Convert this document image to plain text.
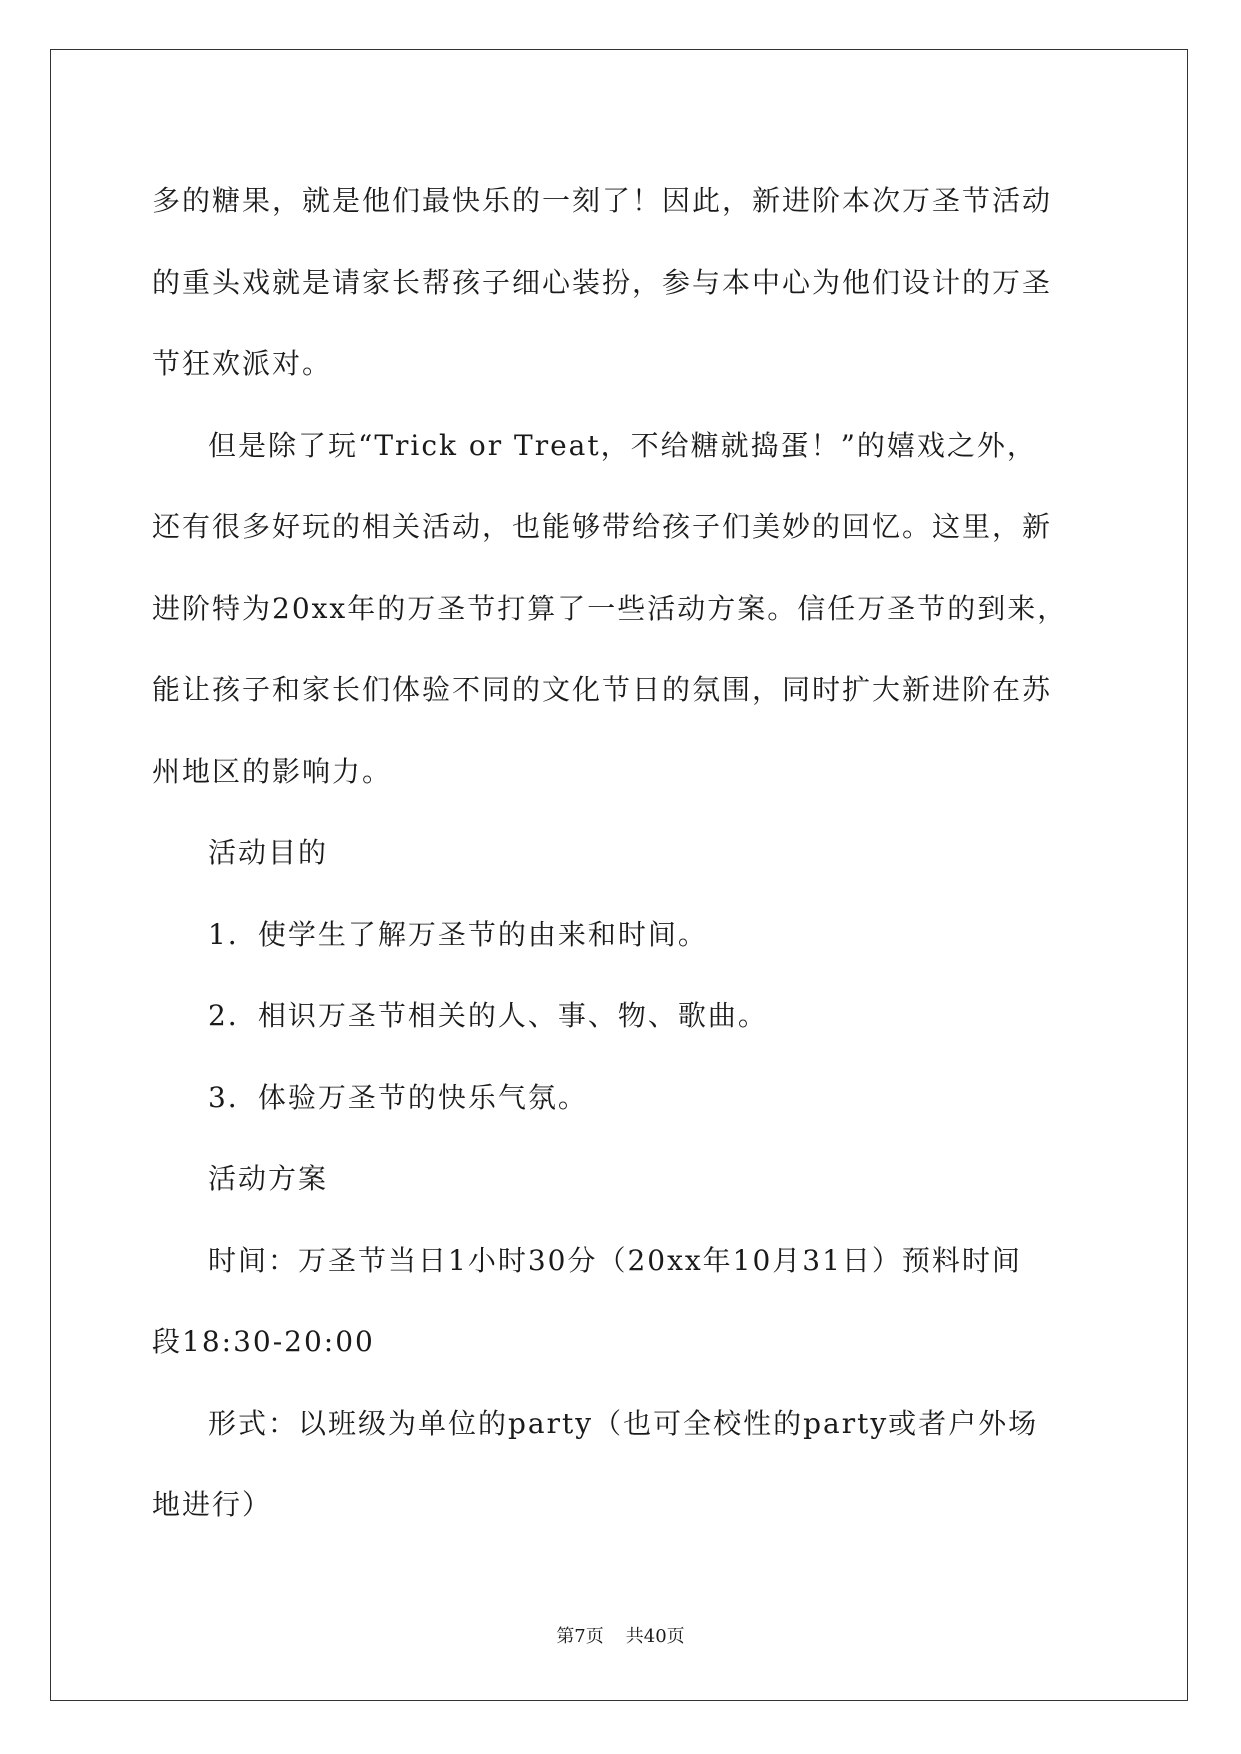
多的糖果，就是他们最快乐的一刻了！因此，新进阶本次万圣节活动
的重头戏就是请家长帮孩子细心装扮，参与本中心为他们设计的万圣
节狂欢派对。

但是除了玩“Trick or Treat，不给糖就捣蛋！”的嬉戏之外，
还有很多好玩的相关活动，也能够带给孩子们美妙的回忆。这里，新
进阶特为20xx年的万圣节打算了一些活动方案。信任万圣节的到来，
能让孩子和家长们体验不同的文化节日的氛围，同时扩大新进阶在苏
州地区的影响力。

活动目的

1．使学生了解万圣节的由来和时间。

2．相识万圣节相关的人、事、物、歌曲。

3．体验万圣节的快乐气氛。

活动方案

时间：万圣节当日1小时30分（20xx年10月31日）预料时间
段18:30-20:00

形式：以班级为单位的party（也可全校性的party或者户外场
地进行）

第7页 共40页
